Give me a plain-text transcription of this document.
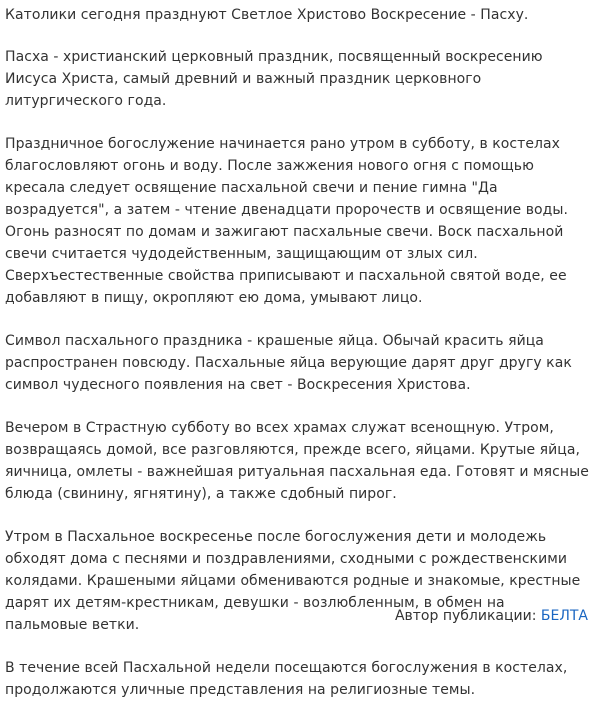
Католики сегодня празднуют Светлое Христово Воскресение - Пасху.

Пасха - христианский церковный праздник, посвященный воскресению Иисуса Христа, самый древний и важный праздник церковного литургического года.

Праздничное богослужение начинается рано утром в субботу, в костелах благословляют огонь и воду. После зажжения нового огня с помощью кресала следует освящение пасхальной свечи и пение гимна "Да возрадуется", а затем - чтение двенадцати пророчеств и освящение воды. Огонь разносят по домам и зажигают пасхальные свечи. Воск пасхальной свечи считается чудодейственным, защищающим от злых сил. Сверхъестественные свойства приписывают и пасхальной святой воде, ее добавляют в пищу, окропляют ею дома, умывают лицо.

Символ пасхального праздника - крашеные яйца. Обычай красить яйца распространен повсюду. Пасхальные яйца верующие дарят друг другу как символ чудесного появления на свет - Воскресения Христова.

Вечером в Страстную субботу во всех храмах служат всенощную. Утром, возвращаясь домой, все разговляются, прежде всего, яйцами. Крутые яйца, яичница, омлеты - важнейшая ритуальная пасхальная еда. Готовят и мясные блюда (свинину, ягнятину), а также сдобный пирог.

Утром в Пасхальное воскресенье после богослужения дети и молодежь обходят дома с песнями и поздравлениями, сходными с рождественскими колядами. Крашеными яйцами обмениваются родные и знакомые, крестные дарят их детям-крестникам, девушки - возлюбленным, в обмен на пальмовые ветки.

В течение всей Пасхальной недели посещаются богослужения в костелах, продолжаются уличные представления на религиозные темы.

Автор публикации: БЕЛТА
